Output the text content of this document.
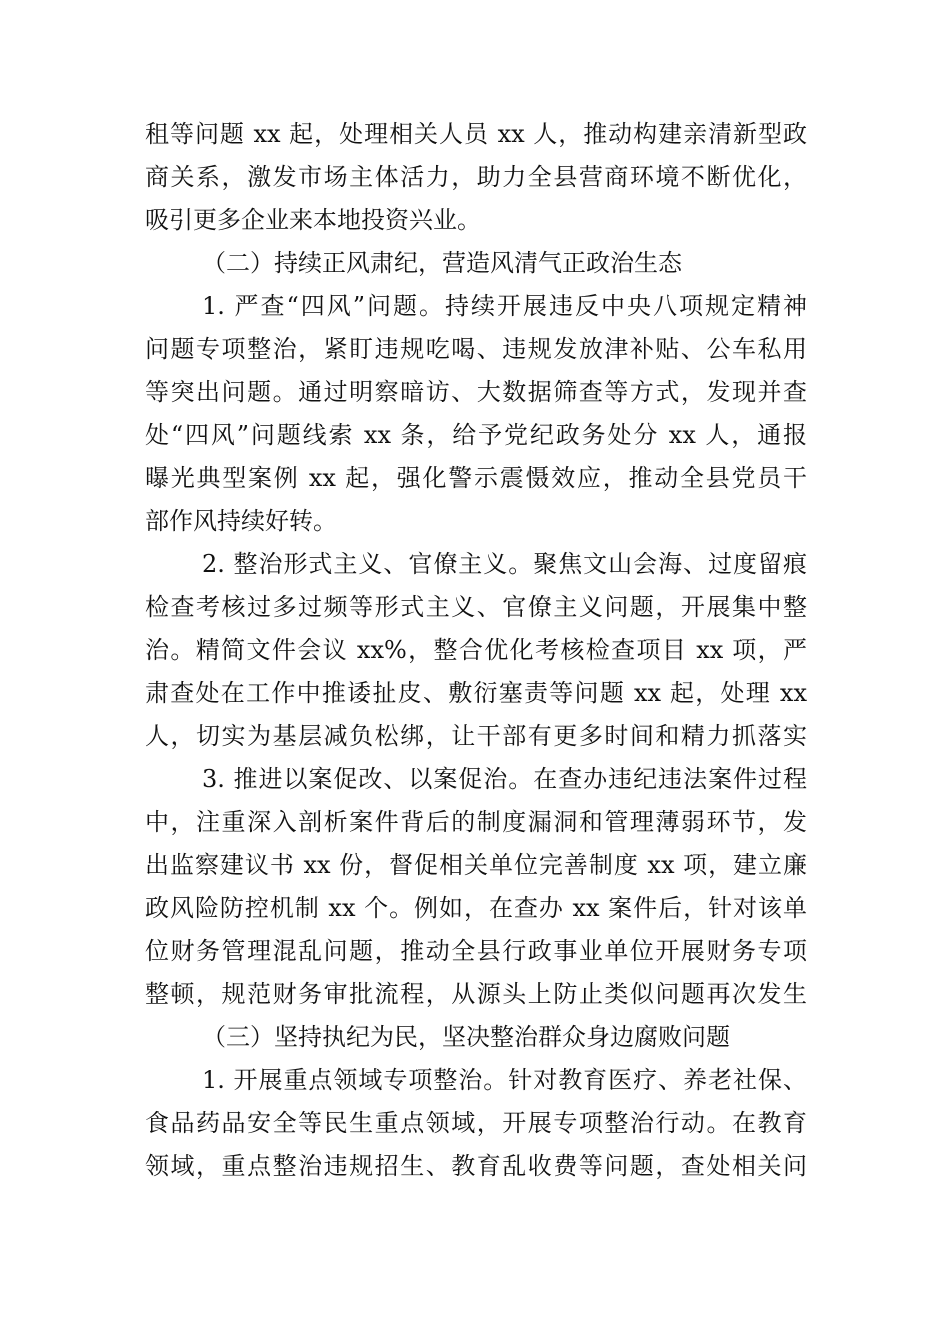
租等问题 xx 起，处理相关人员 xx 人，推动构建亲清新型政
商关系，激发市场主体活力，助力全县营商环境不断优化，
吸引更多企业来本地投资兴业。
（二）持续正风肃纪，营造风清气正政治生态
1. 严查“四风”问题。持续开展违反中央八项规定精神
问题专项整治，紧盯违规吃喝、违规发放津补贴、公车私用
等突出问题。通过明察暗访、大数据筛查等方式，发现并查
处“四风”问题线索 xx 条，给予党纪政务处分 xx 人，通报
曝光典型案例 xx 起，强化警示震慑效应，推动全县党员干
部作风持续好转。
2. 整治形式主义、官僚主义。聚焦文山会海、过度留痕
检查考核过多过频等形式主义、官僚主义问题，开展集中整
治。精简文件会议 xx%，整合优化考核检查项目 xx 项，严
肃查处在工作中推诿扯皮、敷衍塞责等问题 xx 起，处理 xx
人，切实为基层减负松绑，让干部有更多时间和精力抓落实
3. 推进以案促改、以案促治。在查办违纪违法案件过程
中，注重深入剖析案件背后的制度漏洞和管理薄弱环节，发
出监察建议书 xx 份，督促相关单位完善制度 xx 项，建立廉
政风险防控机制 xx 个。例如，在查办 xx 案件后，针对该单
位财务管理混乱问题，推动全县行政事业单位开展财务专项
整顿，规范财务审批流程，从源头上防止类似问题再次发生
（三）坚持执纪为民，坚决整治群众身边腐败问题
1. 开展重点领域专项整治。针对教育医疗、养老社保、
食品药品安全等民生重点领域，开展专项整治行动。在教育
领域，重点整治违规招生、教育乱收费等问题，查处相关问
